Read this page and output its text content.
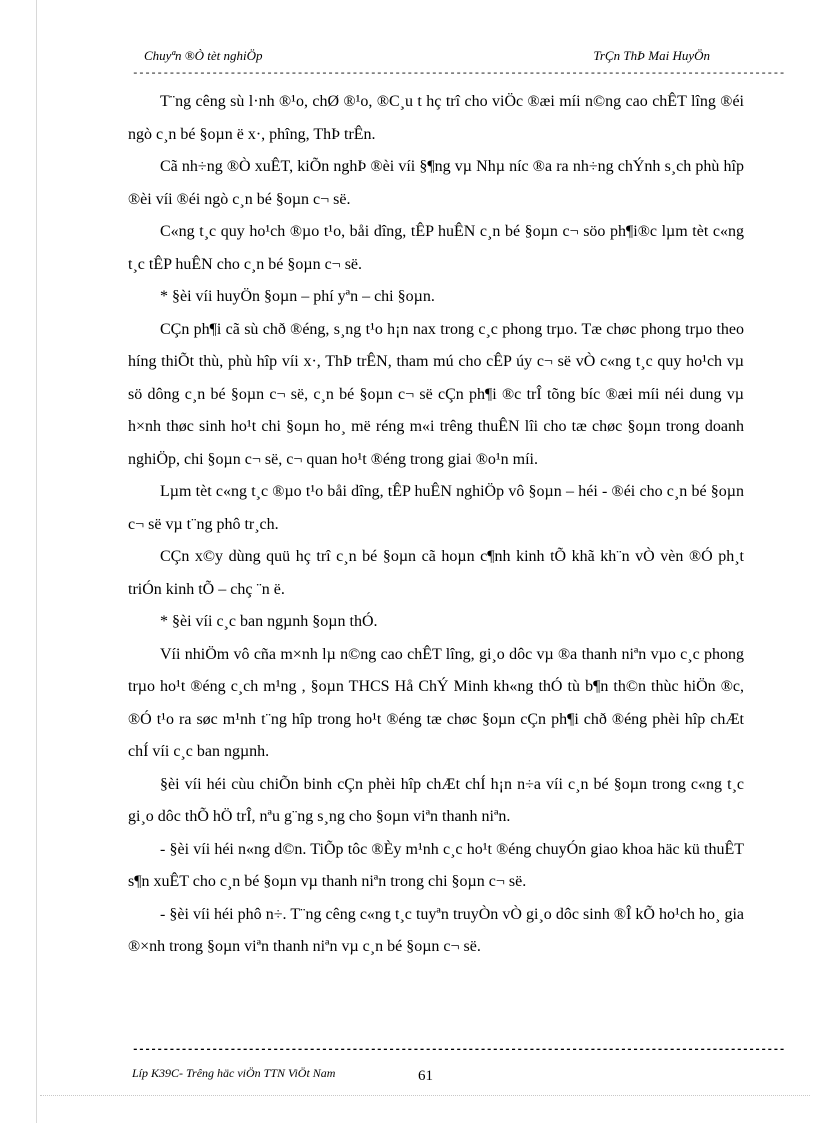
Chuyªn ®Ò tèt nghiÖp	TrÇn ThÞ Mai HuyÖn
-----------------------------------------------------------------------------------------------------------

T¨ng cêng sù l·nh ®¹o, chØ ®¹o, ®C¸u t hç trî cho viÖc ®æi míi n©ng cao chÊT lîng ®éi ngò c¸n bé §oµn ë x·, phîng, ThÞ trÊn.

Cã nh÷ng ®Ò xuÊT, kiÕn nghÞ ®èi víi §¶ng vµ Nhµ níc ®a ra nh÷ng chÝnh s¸ch phù hîp ®èi víi ®éi ngò c¸n bé §oµn c¬ së.

C«ng t¸c quy ho¹ch ®µo t¹o, båi dîng, tÊP huÊN c¸n bé §oµn c¬ söo ph¶i®c lµm tèt c«ng t¸c tÊP huÊN cho c¸n bé §oµn c¬ së.

* §èi víi huyÖn §oµn – phí yªn – chi §oµn.

CÇn ph¶i cã sù chð ®éng, s¸ng t¹o h¡n nax trong c¸c phong trµo. Tæ chøc phong trµo theo híng thiÕt thù, phù hîp víi x·, ThÞ trÊN, tham mú cho cÊP úy c¬ së vÒ c«ng t¸c quy ho¹ch vµ sö dông c¸n bé §oµn c¬ së, c¸n bé §oµn c¬ së cÇn ph¶i ®c trÎ tõng bíc ®æi míi néi dung vµ h×nh thøc sinh ho¹t chi §oµn ho¸ më réng m«i trêng thuÊN lîi cho tæ chøc §oµn trong doanh nghiÖp, chi §oµn c¬ së, c¬ quan ho¹t ®éng trong giai ®o¹n míi.

Lµm tèt c«ng t¸c ®µo t¹o båi dîng, tÊP huÊN nghiÖp vô §oµn – héi - ®éi cho c¸n bé §oµn c¬ së vµ t¨ng phô tr¸ch.

CÇn x©y dùng quü hç trî c¸n bé §oµn cã hoµn c¶nh kinh tÕ khã kh¨n vÒ vèn ®Ó ph¸t triÓn kinh tÕ – chç ¨n ë.

* §èi víi c¸c ban ngµnh §oµn thÓ.

Víi nhiÖm vô cña m×nh lµ n©ng cao chÊT lîng, gi¸o dôc vµ ®a thanh niªn vµo c¸c phong trµo ho¹t ®éng c¸ch m¹ng , §oµn THCS Hå ChÝ Minh kh«ng thÓ tù b¶n th©n thùc hiÖn ®c, ®Ó t¹o ra søc m¹nh t¨ng hîp trong ho¹t ®éng tæ chøc §oµn cÇn ph¶i chð ®éng phèi hîp chÆt chÍ víi c¸c ban ngµnh.

§èi víi héi cùu chiÕn binh cÇn phèi hîp chÆt chÍ h¡n n÷a víi c¸n bé §oµn trong c«ng t¸c gi¸o dôc thÕ hÖ trÎ, nªu g¨ng s¸ng cho §oµn viªn thanh niªn.

- §èi víi héi n«ng d©n. TiÕp tôc ®Èy m¹nh c¸c ho¹t ®éng chuyÓn giao khoa häc kü thuÊT s¶n xuÊT cho c¸n bé §oµn vµ thanh niªn trong chi §oµn c¬ së.

- §èi víi héi phô n÷. T¨ng cêng c«ng t¸c tuyªn truyÒn vÒ gi¸o dôc sinh ®Î kÕ ho¹ch ho¸ gia ®×nh trong §oµn viªn thanh niªn vµ c¸n bé §oµn c¬ së.

-----------------------------------------------------------------------------------------------------------
Líp K39C- Trêng häc viÖn TTN ViÖt Nam	61
